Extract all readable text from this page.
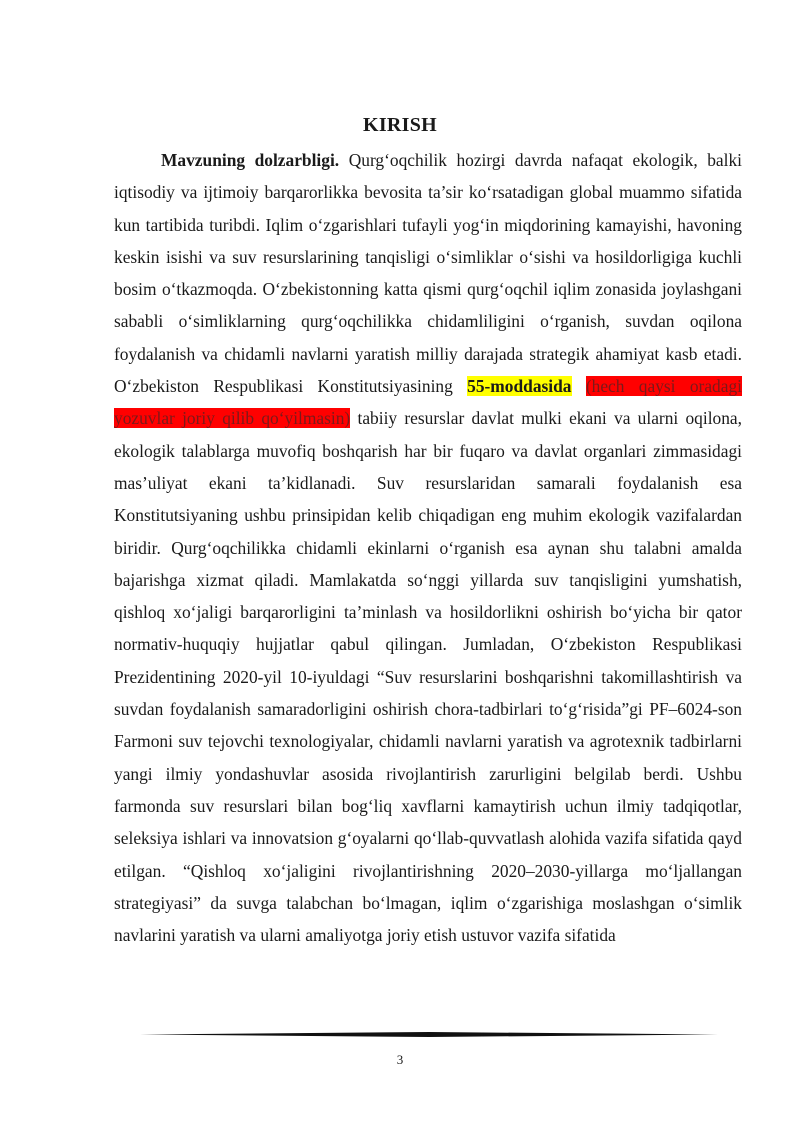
KIRISH

Mavzuning dolzarbligi. Qurg‘oqchilik hozirgi davrda nafaqat ekologik, balki iqtisodiy va ijtimoiy barqarorlikka bevosita ta’sir ko‘rsatadigan global muammo sifatida kun tartibida turibdi. Iqlim o‘zgarishlari tufayli yog‘in miqdorining kamayishi, havoning keskin isishi va suv resurslarining tanqisligi o‘simliklar o‘sishi va hosildorligiga kuchli bosim o‘tkazmoqda. O‘zbekistonning katta qismi qurg‘oqchil iqlim zonasida joylashgani sababli o‘simliklarning qurg‘oqchilikka chidamliligini o‘rganish, suvdan oqilona foydalanish va chidamli navlarni yaratish milliy darajada strategik ahamiyat kasb etadi. O‘zbekiston Respublikasi Konstitutsiyasining 55-moddasida (hech qaysi oradagi yozuvlar joriy qilib qo‘yilmasin) tabiiy resurslar davlat mulki ekani va ularni oqilona, ekologik talablarga muvofiq boshqarish har bir fuqaro va davlat organlari zimmasidagi mas’uliyat ekani ta’kidlanadi. Suv resurslaridan samarali foydalanish esa Konstitutsiyaning ushbu prinsipidan kelib chiqadigan eng muhim ekologik vazifalardan biridir. Qurg‘oqchilikka chidamli ekinlarni o‘rganish esa aynan shu talabni amalda bajarishga xizmat qiladi. Mamlakatda so‘nggi yillarda suv tanqisligini yumshatish, qishloq xo‘jaligi barqarorligini ta’minlash va hosildorlikni oshirish bo‘yicha bir qator normativ-huquqiy hujjatlar qabul qilingan. Jumladan, O‘zbekiston Respublikasi Prezidentining 2020-yil 10-iyuldagi “Suv resurslarini boshqarishni takomillashtirish va suvdan foydalanish samaradorligini oshirish chora-tadbirlari to‘g‘risida”gi PF–6024-son Farmoni suv tejovchi texnologiyalar, chidamli navlarni yaratish va agrotexnik tadbirlarni yangi ilmiy yondashuvlar asosida rivojlantirish zarurligini belgilab berdi. Ushbu farmonda suv resurslari bilan bog‘liq xavflarni kamaytirish uchun ilmiy tadqiqotlar, seleksiya ishlari va innovatsion g‘oyalarni qo‘llab-quvvatlash alohida vazifa sifatida qayd etilgan. “Qishloq xo‘jaligini rivojlantirishning 2020–2030-yillarga mo‘ljallangan strategiyasi” da suvga talabchan bo‘lmagan, iqlim o‘zgarishiga moslashgan o‘simlik navlarini yaratish va ularni amaliyotga joriy etish ustuvor vazifa sifatida

3
